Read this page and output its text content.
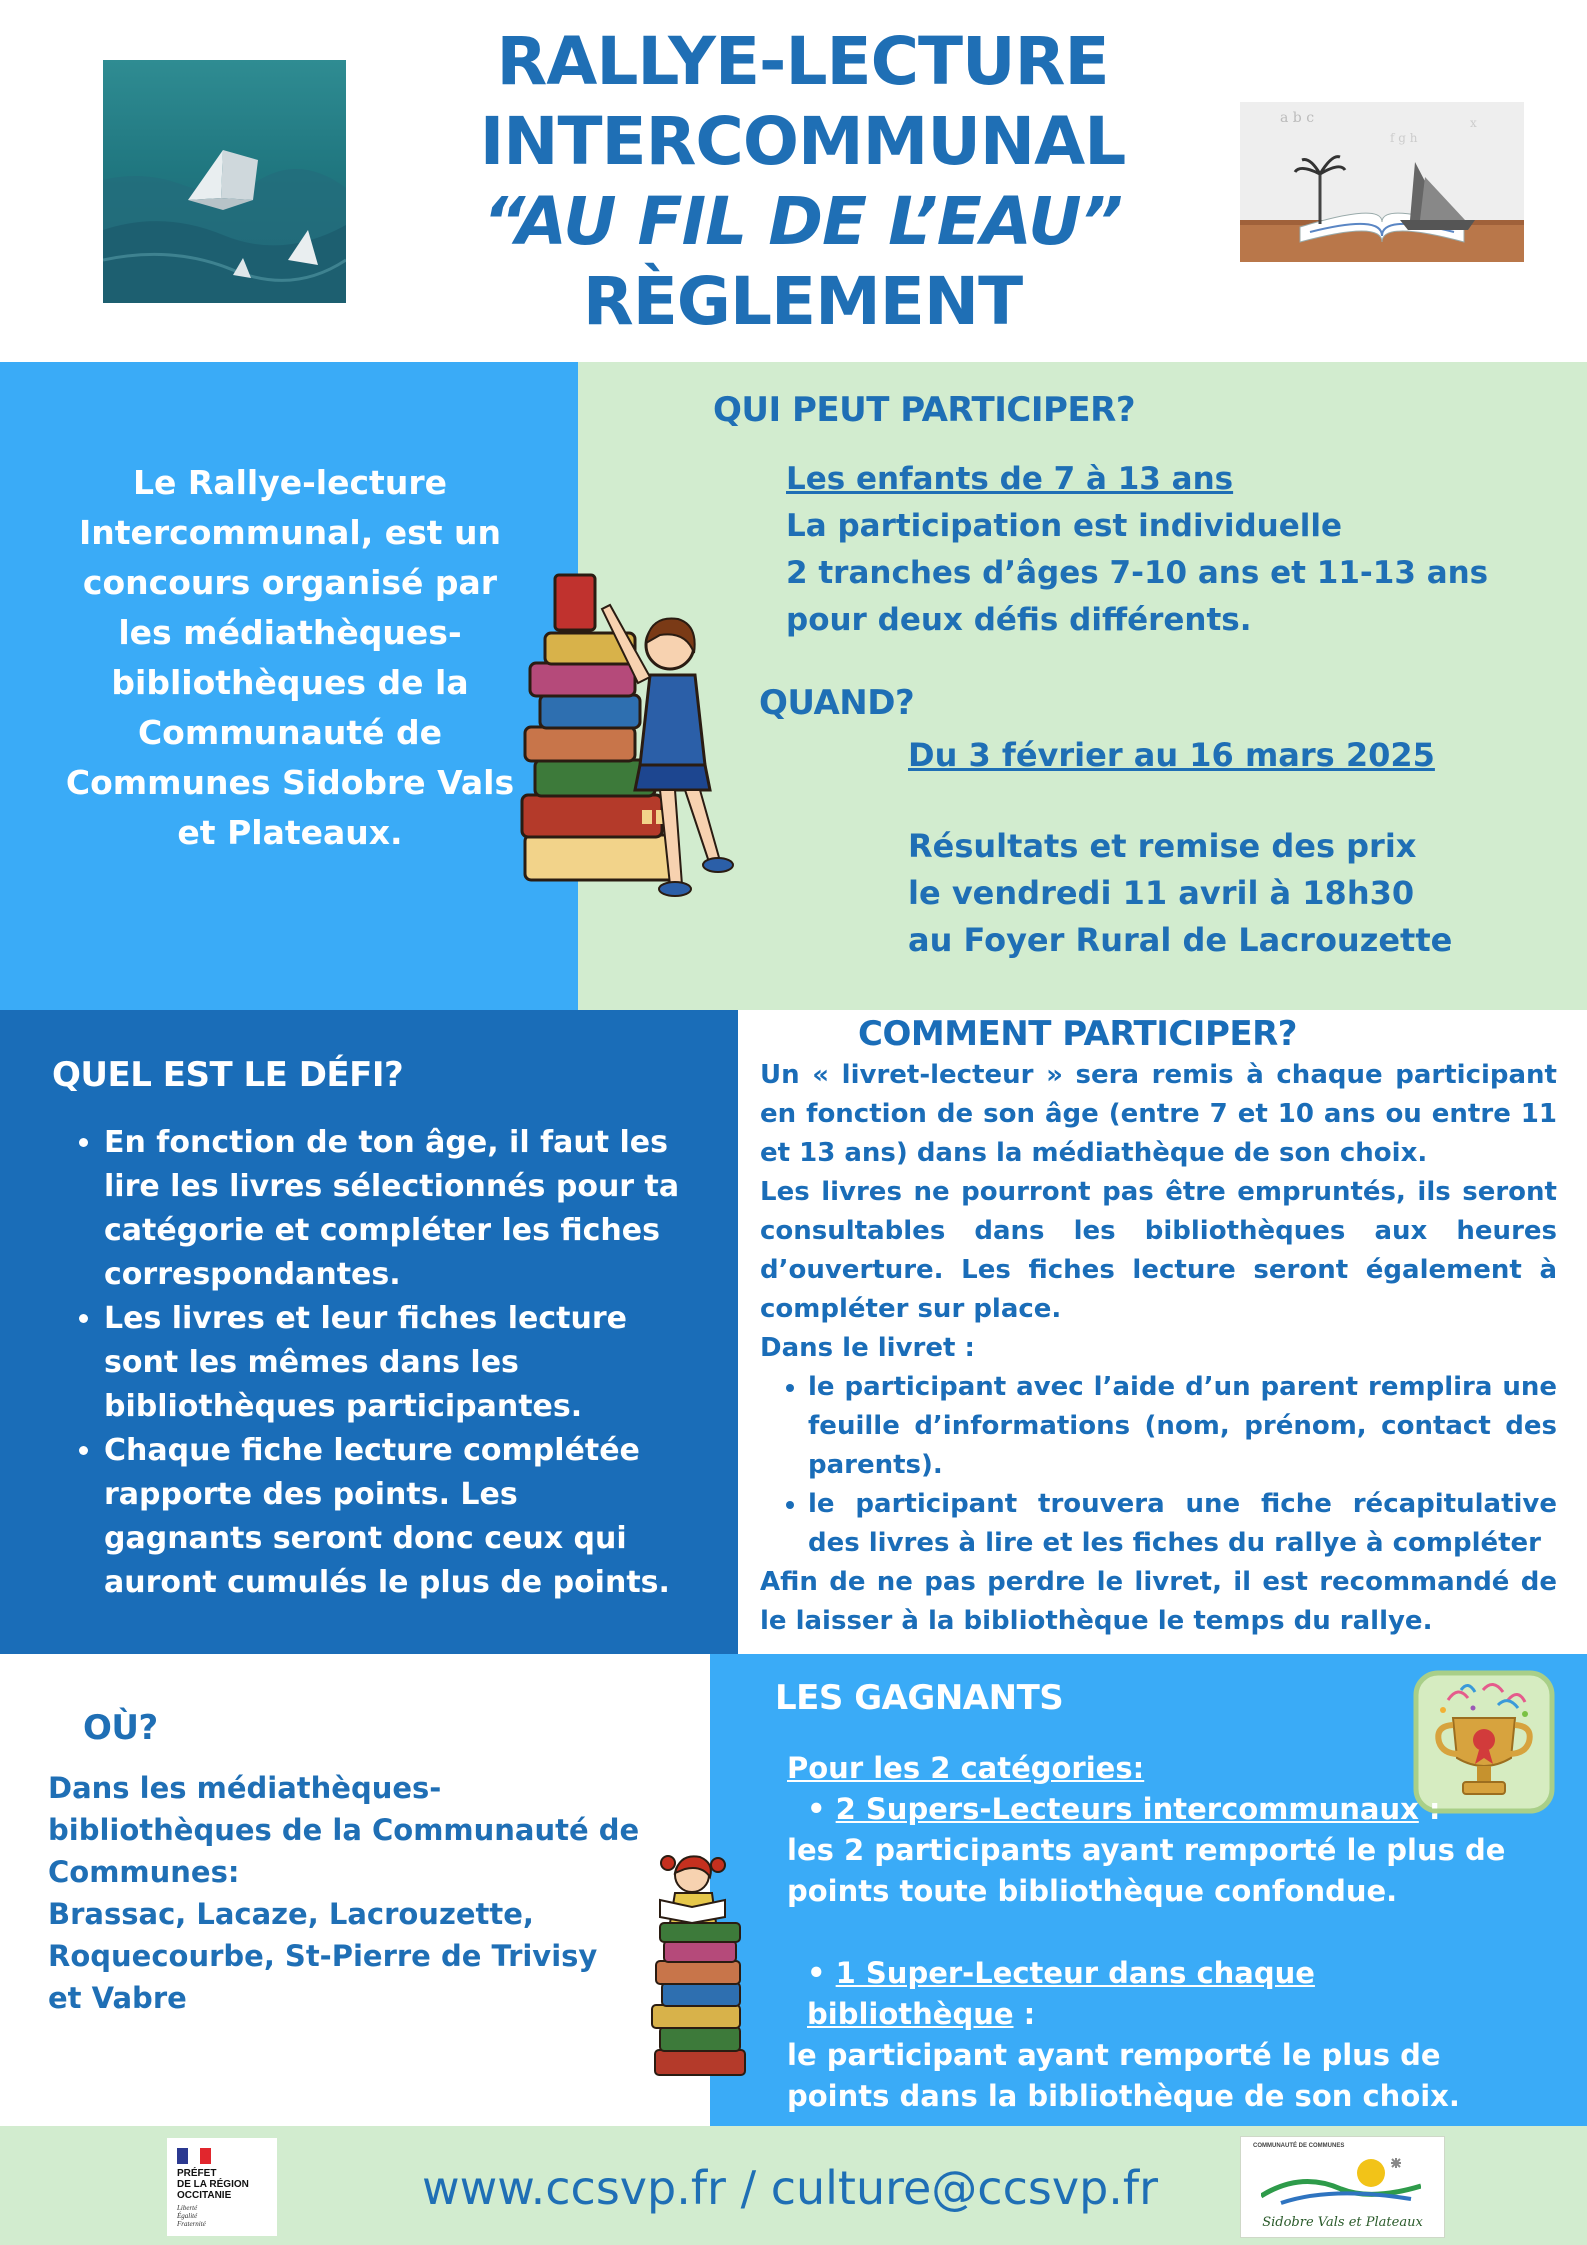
RALLYE-LECTURE
INTERCOMMUNAL
“AU FIL DE L’EAU”
RÈGLEMENT
a b c
f g h
x
Le Rallye-lecture Intercommunal, est un concours organisé par les médiathèques-bibliothèques de la Communauté de Communes Sidobre Vals et Plateaux.
QUI PEUT PARTICIPER?
Les enfants de 7 à 13 ans
La participation est individuelle
2 tranches d’âges 7-10 ans et 11-13 ans
pour deux défis différents.
QUAND?
Du 3 février au 16 mars 2025
Résultats et remise des prix le vendredi 11 avril à 18h30 au Foyer Rural de Lacrouzette
QUEL EST LE DÉFI?
• En fonction de ton âge, il faut les lire les livres sélectionnés pour ta catégorie et compléter les fiches correspondantes.
• Les livres et leur fiches lecture sont les mêmes dans les bibliothèques participantes.
• Chaque fiche lecture complétée rapporte des points. Les gagnants seront donc ceux qui auront cumulés le plus de points.
COMMENT PARTICIPER?
Un « livret-lecteur » sera remis à chaque participant en fonction de son âge (entre 7 et 10 ans ou entre 11 et 13 ans) dans la médiathèque de son choix.
Les livres ne pourront pas être empruntés, ils seront consultables dans les bibliothèques aux heures d’ouverture. Les fiches lecture seront également à compléter sur place.
Dans le livret :
• le participant avec l’aide d’un parent remplira une feuille d’informations (nom, prénom, contact des parents).
• le participant trouvera une fiche récapitulative des livres à lire et les fiches du rallye à compléter
Afin de ne pas perdre le livret, il est recommandé de le laisser à la bibliothèque le temps du rallye.
OÙ?
Dans les médiathèques-
bibliothèques de la Communauté de
Communes:
Brassac, Lacaze, Lacrouzette,
Roquecourbe, St-Pierre de Trivisy
et Vabre
LES GAGNANTS
Pour les 2 catégories:
• 2 Supers-Lecteurs intercommunaux :
les 2 participants ayant remporté le plus de points toute bibliothèque confondue.
• 1 Super-Lecteur dans chaque bibliothèque :
le participant ayant remporté le plus de points dans la bibliothèque de son choix.
PRÉFET
DE LA RÉGION
OCCITANIE
Liberté
Égalité
Fraternité
www.ccsvp.fr / culture@ccsvp.fr
COMMUNAUTÉ DE COMMUNES
Sidobre Vals et Plateaux
